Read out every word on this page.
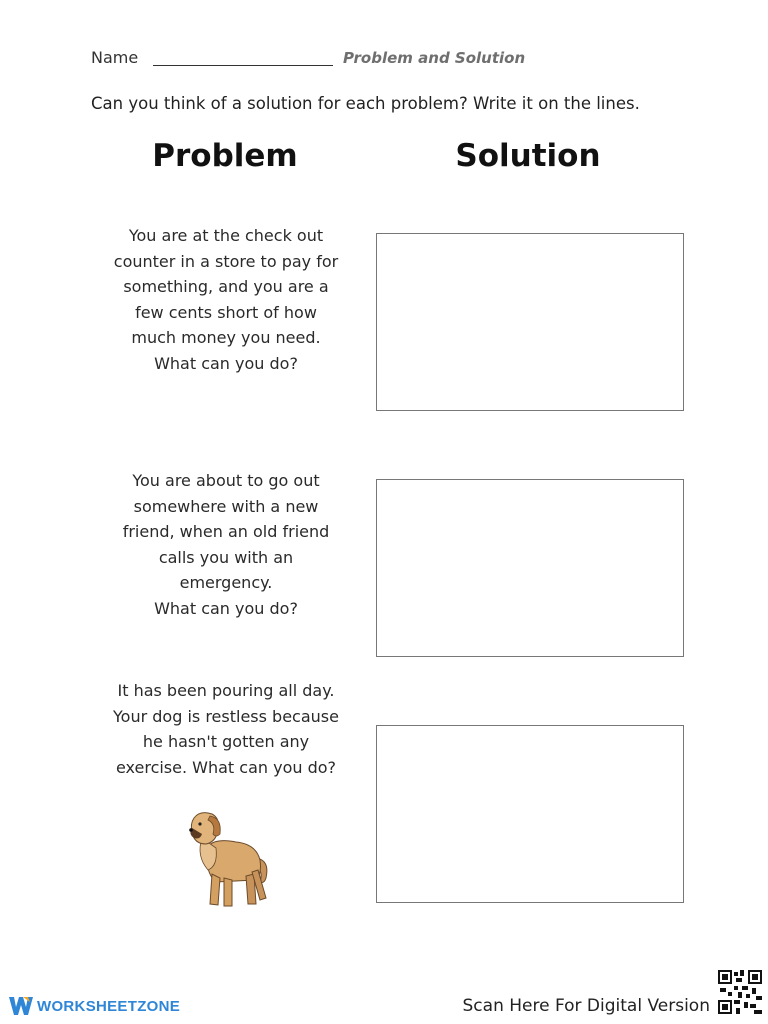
Name	Problem and Solution
Can you think of a solution for each problem? Write it on the lines.
Problem	Solution
You are at the check out
counter in a store to pay for
something, and you are a
few cents short of how
much money you need.
What can you do?
You are about to go out
somewhere with a new
friend, when an old friend
calls you with an
emergency.
What can you do?
It has been pouring all day.
Your dog is restless because
he hasn't gotten any
exercise. What can you do?
WORKSHEETZONE	Scan Here For Digital Version
